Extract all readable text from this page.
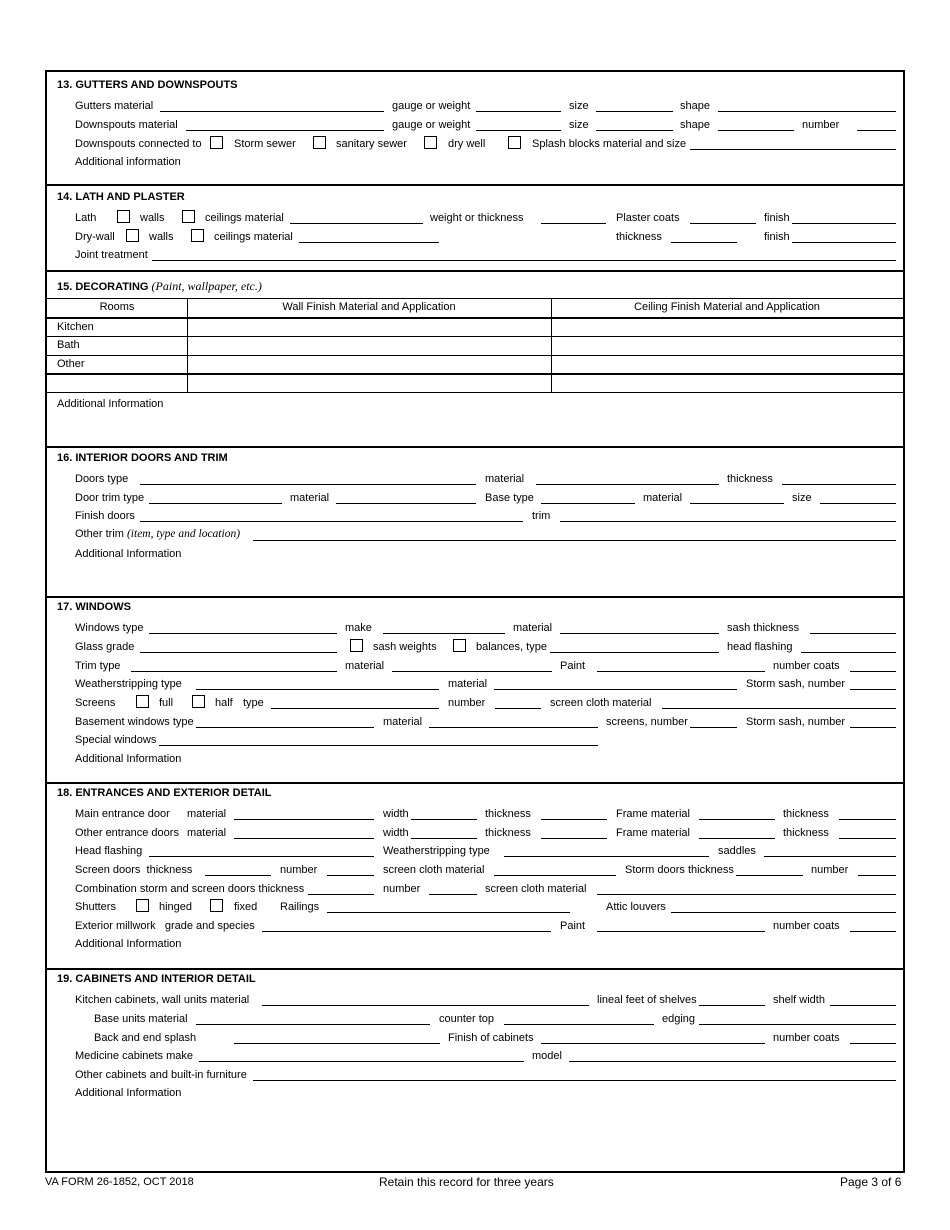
13. GUTTERS AND DOWNSPOUTS
Gutters material	gauge or weight	size	shape
Downspouts material	gauge or weight	size	shape	number
Downspouts connected to	Storm sewer	sanitary sewer	dry well	Splash blocks material and size
Additional information
14. LATH AND PLASTER
Lath	walls	ceilings material	weight or thickness	Plaster coats	finish
Dry-wall	walls	ceilings material	thickness	finish
Joint treatment
15. DECORATING (Paint, wallpaper, etc.)
Rooms	Wall Finish Material and Application	Ceiling Finish Material and Application
Kitchen
Bath
Other
Additional Information
16. INTERIOR DOORS AND TRIM
Doors type	material	thickness
Door trim type	material	Base type	material	size
Finish doors	trim
Other trim (item, type and location)
Additional Information
17. WINDOWS
Windows type	make	material	sash thickness
Glass grade	sash weights	balances, type	head flashing
Trim type	material	Paint	number coats
Weatherstripping type	material	Storm sash, number
Screens	full	half type	number	screen cloth material
Basement windows type	material	screens, number	Storm sash, number
Special windows
Additional Information
18. ENTRANCES AND EXTERIOR DETAIL
Main entrance door material	width	thickness	Frame material	thickness
Other entrance doors material	width	thickness	Frame material	thickness
Head flashing	Weatherstripping type	saddles
Screen doors  thickness	number	screen cloth material	Storm doors thickness	number
Combination storm and screen doors thickness	number	screen cloth material
Shutters	hinged	fixed Railings	Attic louvers
Exterior millwork   grade and species	Paint	number coats
Additional Information
19. CABINETS AND INTERIOR DETAIL
Kitchen cabinets, wall units material	lineal feet of shelves	shelf width
Base units material	counter top	edging
Back and end splash	Finish of cabinets	number coats
Medicine cabinets make	model
Other cabinets and built-in furniture
Additional Information
VA FORM 26-1852, OCT 2018	Retain this record for three years	Page 3 of 6
